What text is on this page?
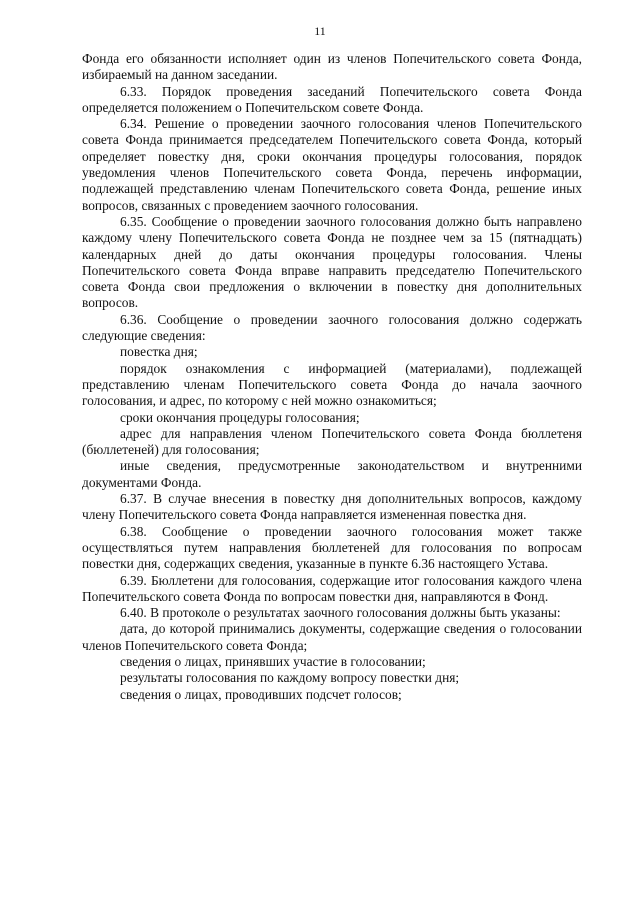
11

Фонда его обязанности исполняет один из членов Попечительского совета Фонда, избираемый на данном заседании.

6.33. Порядок проведения заседаний Попечительского совета Фонда определяется положением о Попечительском совете Фонда.

6.34. Решение о проведении заочного голосования членов Попечительского совета Фонда принимается председателем Попечительского совета Фонда, который определяет повестку дня, сроки окончания процедуры голосования, порядок уведомления членов Попечительского совета Фонда, перечень информации, подлежащей представлению членам Попечительского совета Фонда, решение иных вопросов, связанных с проведением заочного голосования.

6.35. Сообщение о проведении заочного голосования должно быть направлено каждому члену Попечительского совета Фонда не позднее чем за 15 (пятнадцать) календарных дней до даты окончания процедуры голосования. Члены Попечительского совета Фонда вправе направить председателю Попечительского совета Фонда свои предложения о включении в повестку дня дополнительных вопросов.

6.36. Сообщение о проведении заочного голосования должно содержать следующие сведения:

повестка дня;

порядок ознакомления с информацией (материалами), подлежащей представлению членам Попечительского совета Фонда до начала заочного голосования, и адрес, по которому с ней можно ознакомиться;

сроки окончания процедуры голосования;

адрес для направления членом Попечительского совета Фонда бюллетеня (бюллетеней) для голосования;

иные сведения, предусмотренные законодательством и внутренними документами Фонда.

6.37. В случае внесения в повестку дня дополнительных вопросов, каждому члену Попечительского совета Фонда направляется измененная повестка дня.

6.38. Сообщение о проведении заочного голосования может также осуществляться путем направления бюллетеней для голосования по вопросам повестки дня, содержащих сведения, указанные в пункте 6.36 настоящего Устава.

6.39. Бюллетени для голосования, содержащие итог голосования каждого члена Попечительского совета Фонда по вопросам повестки дня, направляются в Фонд.

6.40. В протоколе о результатах заочного голосования должны быть указаны:

дата, до которой принимались документы, содержащие сведения о голосовании членов Попечительского совета Фонда;

сведения о лицах, принявших участие в голосовании;

результаты голосования по каждому вопросу повестки дня;

сведения о лицах, проводивших подсчет голосов;
